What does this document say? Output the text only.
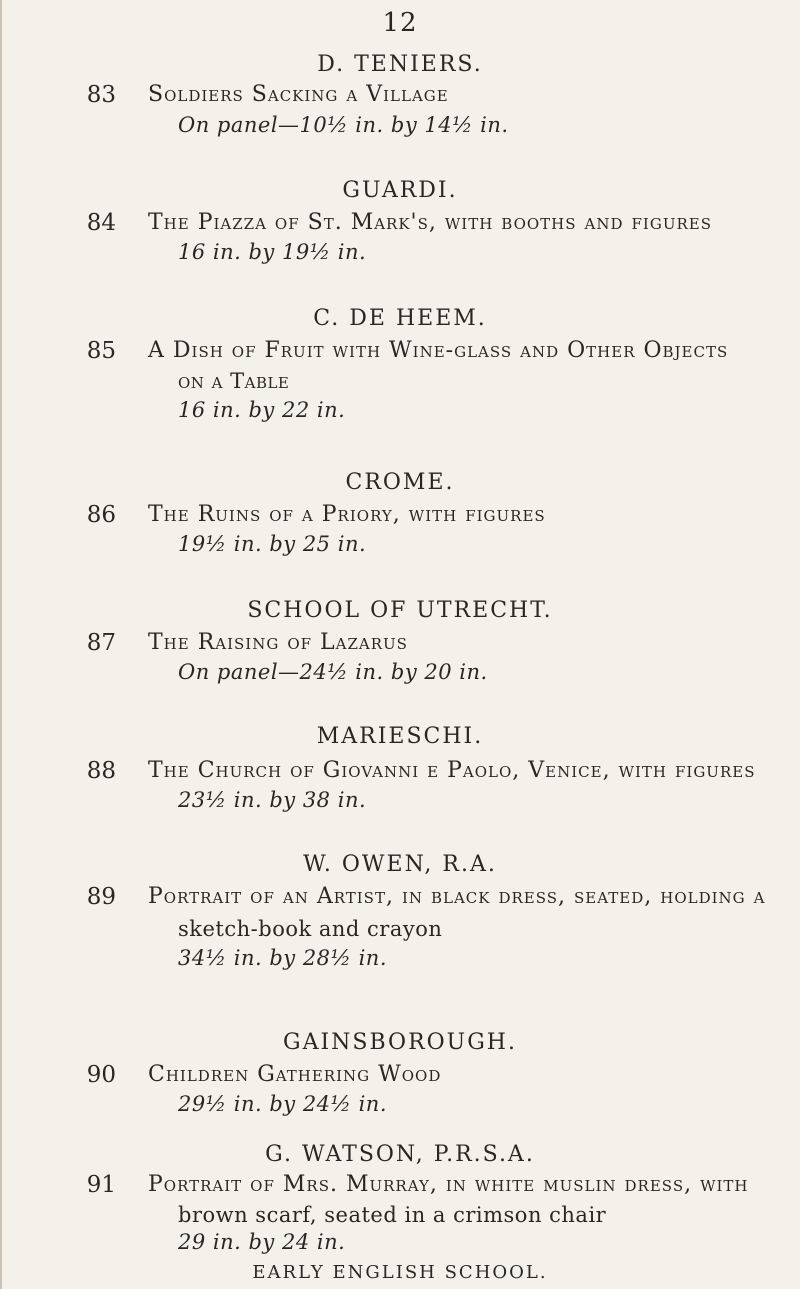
12
D. TENIERS.
83 Soldiers Sacking a Village
On panel—10½ in. by 14½ in.
GUARDI.
84 The Piazza of St. Mark's, with booths and figures
16 in. by 19½ in.
C. DE HEEM.
85 A Dish of Fruit with Wine-glass and Other Objects
on a Table
16 in. by 22 in.
CROME.
86 The Ruins of a Priory, with figures
19½ in. by 25 in.
SCHOOL OF UTRECHT.
87 The Raising of Lazarus
On panel—24½ in. by 20 in.
MARIESCHI.
88 The Church of Giovanni e Paolo, Venice, with figures
23½ in. by 38 in.
W. OWEN, R.A.
89 Portrait of an Artist, in black dress, seated, holding a
sketch-book and crayon
34½ in. by 28½ in.
GAINSBOROUGH.
90 Children Gathering Wood
29½ in. by 24½ in.
G. WATSON, P.R.S.A.
91 Portrait of Mrs. Murray, in white muslin dress, with
brown scarf, seated in a crimson chair
29 in. by 24 in.
EARLY ENGLISH SCHOOL.
